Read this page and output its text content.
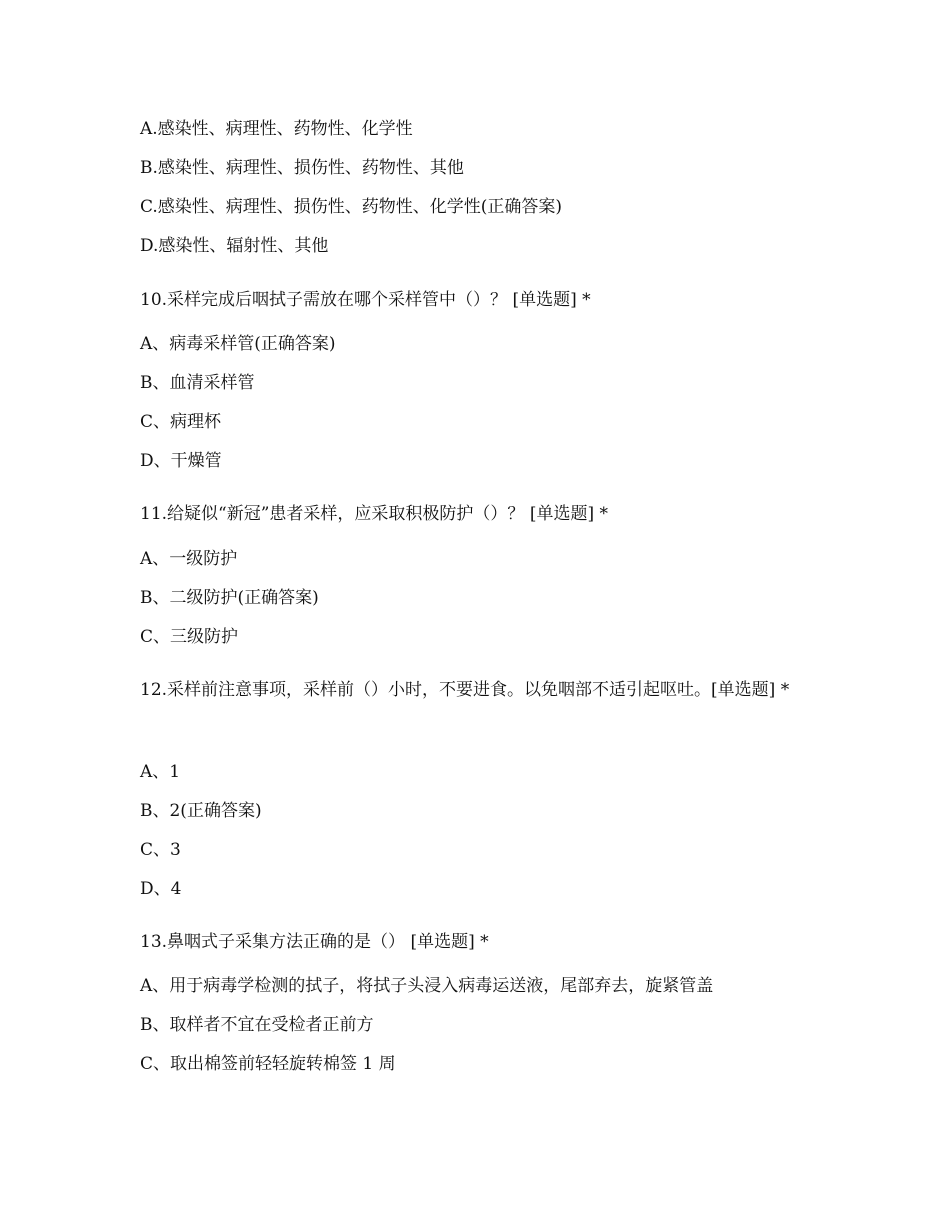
A.感染性、病理性、药物性、化学性
B.感染性、病理性、损伤性、药物性、其他
C.感染性、病理性、损伤性、药物性、化学性(正确答案)
D.感染性、辐射性、其他
10.采样完成后咽拭子需放在哪个采样管中（）？ [单选题] *
A、病毒采样管(正确答案)
B、血清采样管
C、病理杯
D、干燥管
11.给疑似“新冠”患者采样，应采取积极防护（）？ [单选题] *
A、一级防护
B、二级防护(正确答案)
C、三级防护
12.采样前注意事项，采样前（）小时，不要进食。以免咽部不适引起呕吐。[单选题] *
A、1
B、2(正确答案)
C、3
D、4
13.鼻咽式子采集方法正确的是（） [单选题] *
A、用于病毒学检测的拭子，将拭子头浸入病毒运送液，尾部弃去，旋紧管盖
B、取样者不宜在受检者正前方
C、取出棉签前轻轻旋转棉签 1 周
